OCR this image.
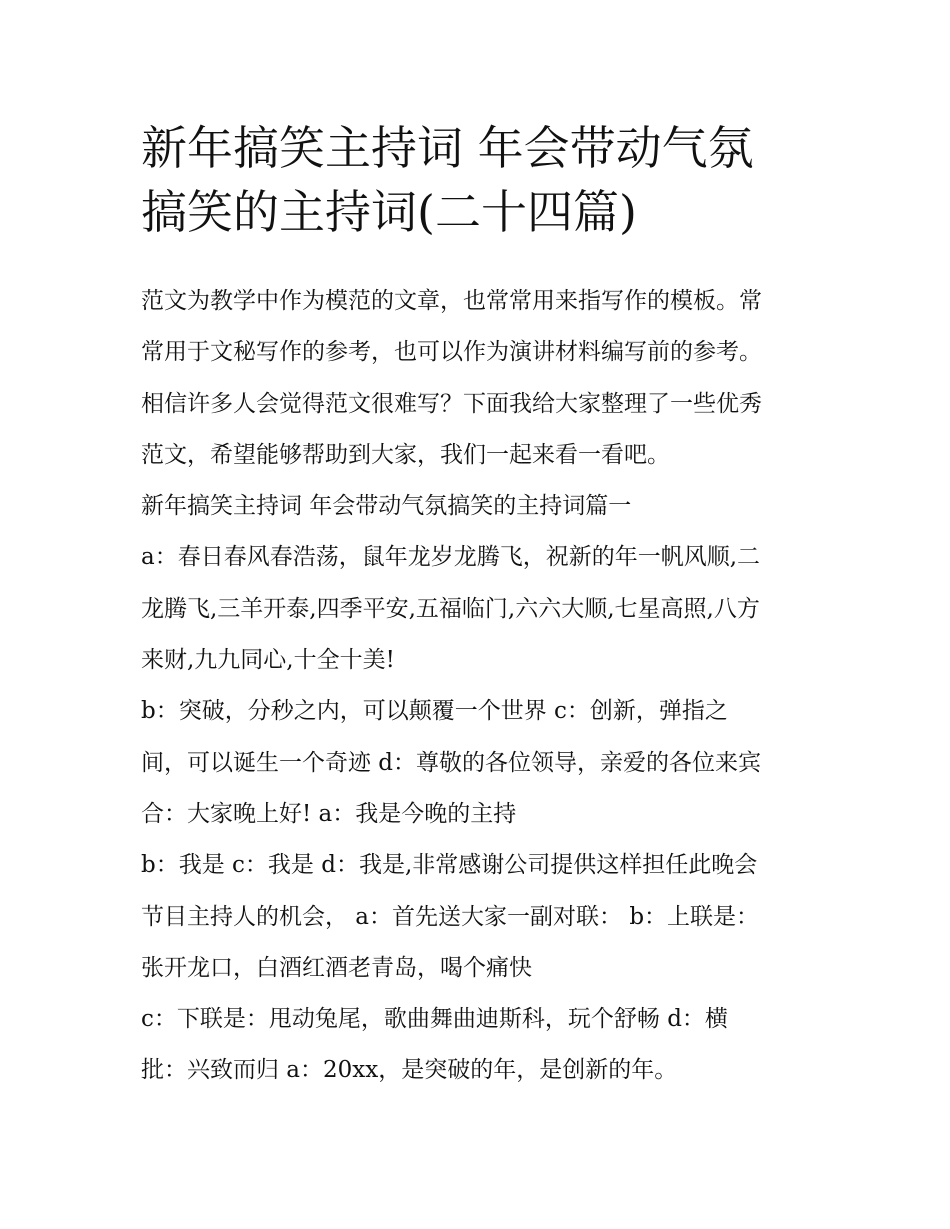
新年搞笑主持词 年会带动气氛
搞笑的主持词(二十四篇)
范文为教学中作为模范的文章，也常常用来指写作的模板。常
常用于文秘写作的参考，也可以作为演讲材料编写前的参考。
相信许多人会觉得范文很难写？下面我给大家整理了一些优秀
范文，希望能够帮助到大家，我们一起来看一看吧。
新年搞笑主持词 年会带动气氛搞笑的主持词篇一
a：春日春风春浩荡，鼠年龙岁龙腾飞，祝新的年一帆风顺,二
龙腾飞,三羊开泰,四季平安,五福临门,六六大顺,七星高照,八方
来财,九九同心,十全十美!
b：突破，分秒之内，可以颠覆一个世界 c：创新，弹指之
间，可以诞生一个奇迹 d：尊敬的各位领导，亲爱的各位来宾
合：大家晚上好! a：我是今晚的主持
b：我是 c：我是 d：我是,非常感谢公司提供这样担任此晚会
节目主持人的机会， a：首先送大家一副对联： b：上联是：
张开龙口，白酒红酒老青岛，喝个痛快
c：下联是：甩动兔尾，歌曲舞曲迪斯科，玩个舒畅 d：横
批：兴致而归 a：20xx，是突破的年，是创新的年。
